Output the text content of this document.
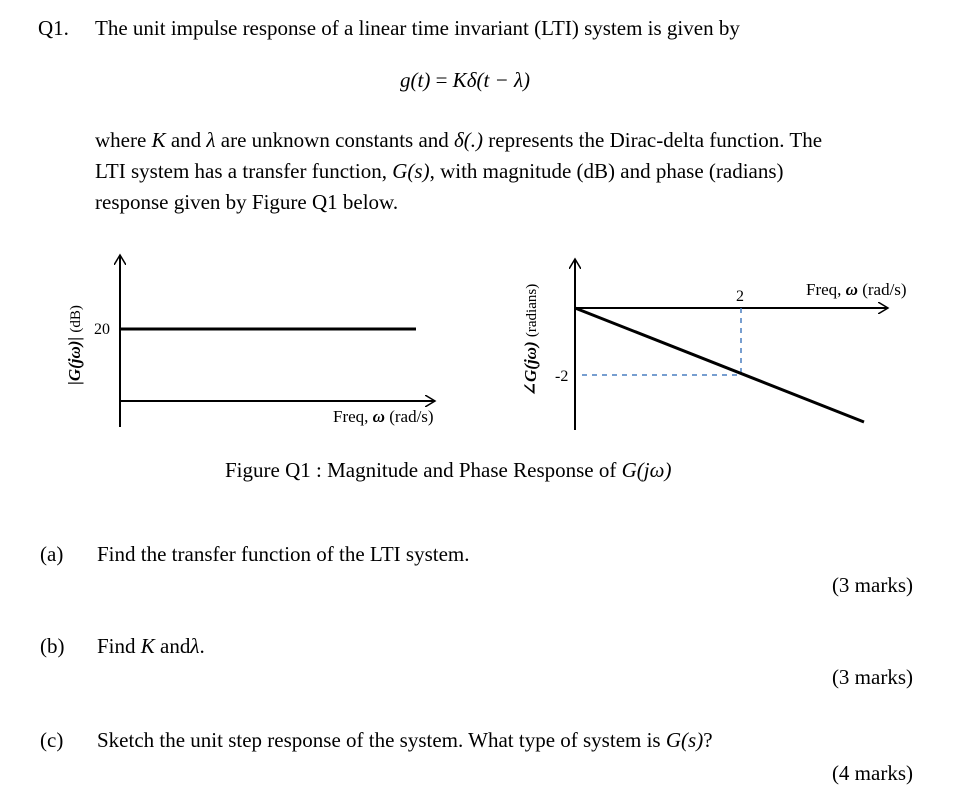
Q1. The unit impulse response of a linear time invariant (LTI) system is given by
g(t) = Kδ(t − λ)
where K and λ are unknown constants and δ(.) represents the Dirac-delta function. The
LTI system has a transfer function, G(s), with magnitude (dB) and phase (radians)
response given by Figure Q1 below.
20
|G(jω)| (dB)
Freq, ω (rad/s)
2
-2
∠G(jω) (radians)	Freq, ω (rad/s)
Figure Q1 : Magnitude and Phase Response of G(jω)
(a) Find the transfer function of the LTI system.
(3 marks)
(b) Find K andλ.
(3 marks)
(c) Sketch the unit step response of the system. What type of system is G(s)?
(4 marks)
